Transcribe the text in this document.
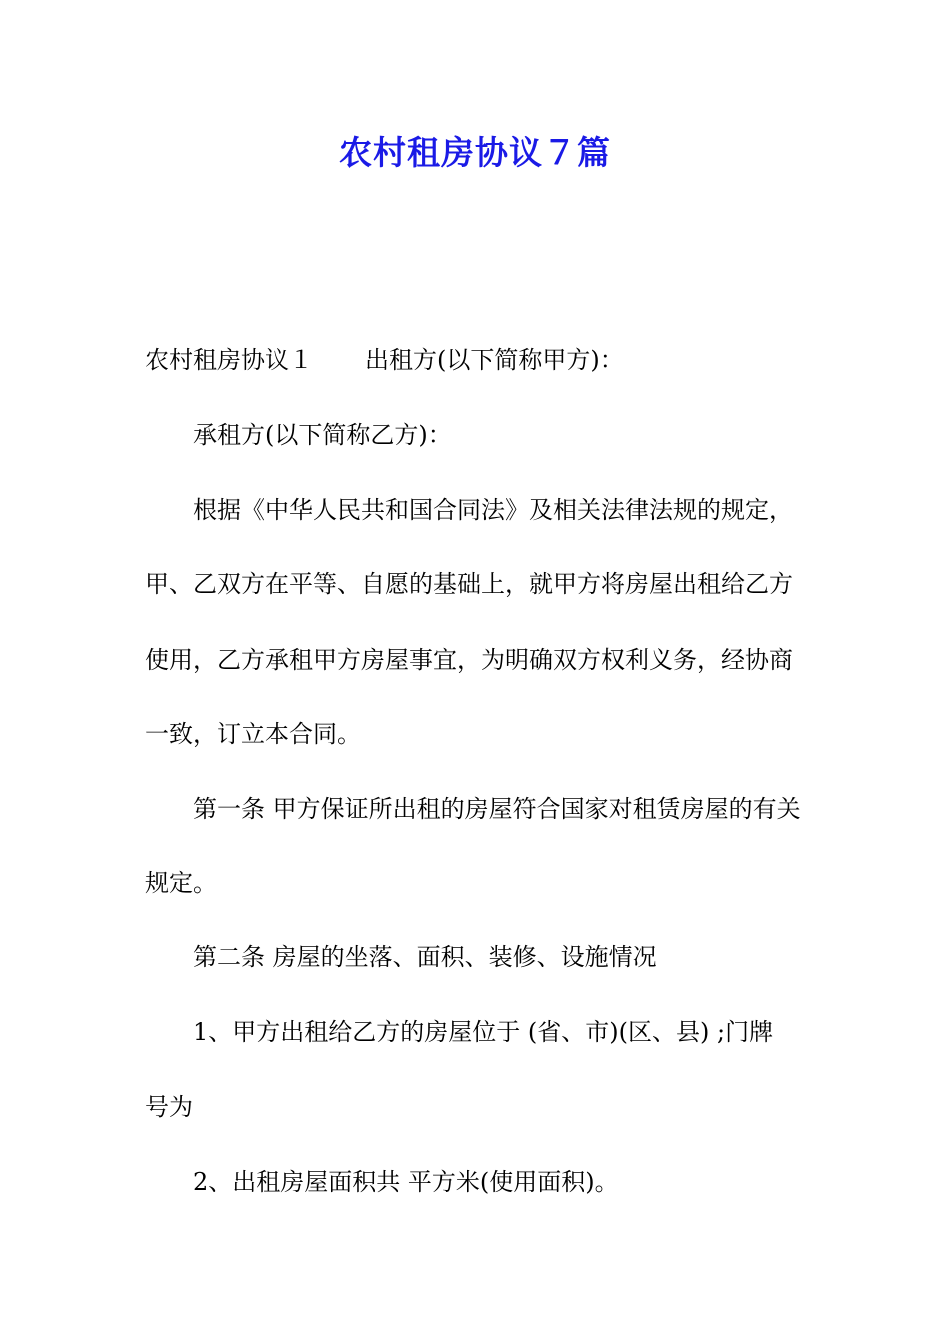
农村租房协议７篇
农村租房协议１ 出租方(以下简称甲方)：
承租方(以下简称乙方)：
根据《中华人民共和国合同法》及相关法律法规的规定，
甲、乙双方在平等、自愿的基础上，就甲方将房屋出租给乙方
使用，乙方承租甲方房屋事宜，为明确双方权利义务，经协商
一致，订立本合同。
第一条 甲方保证所出租的房屋符合国家对租赁房屋的有关
规定。
第二条 房屋的坐落、面积、装修、设施情况
1、甲方出租给乙方的房屋位于 (省、市)(区、县) ;门牌
号为
2、出租房屋面积共 平方米(使用面积)。
